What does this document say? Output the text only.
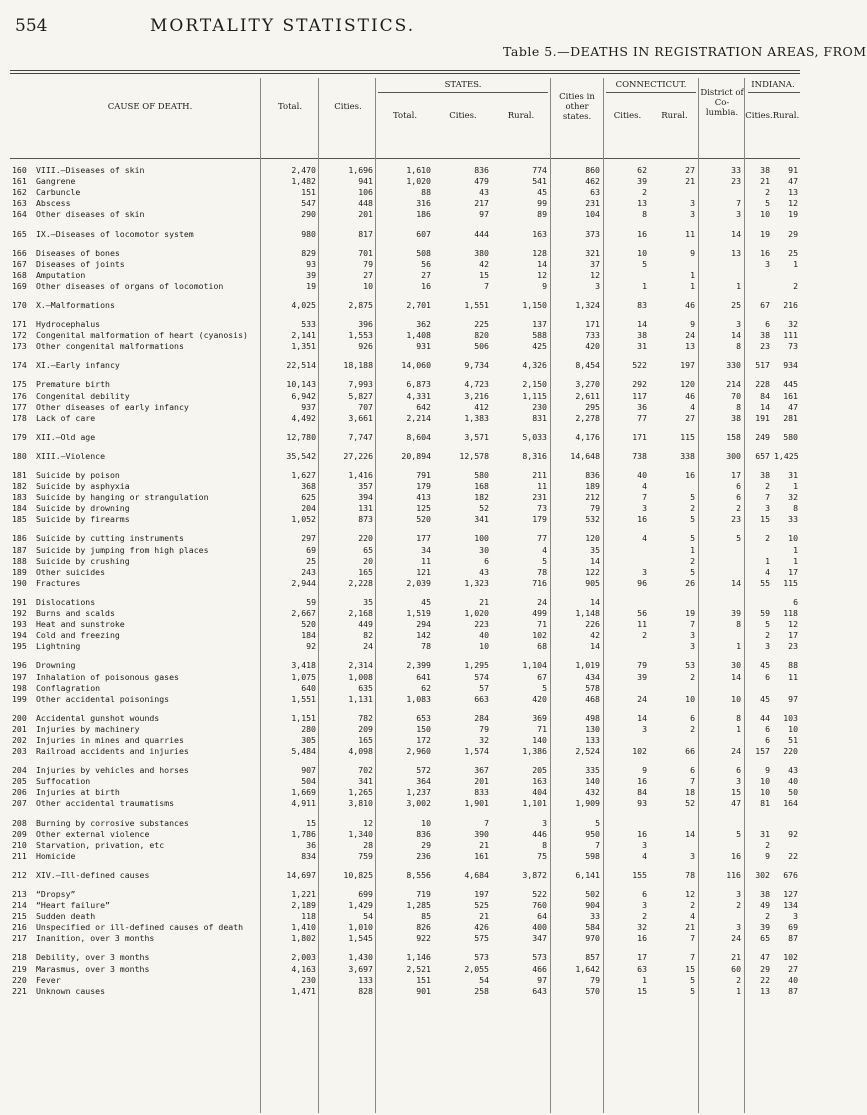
554	MORTALITY STATISTICS.
Table 5.—DEATHS IN REGISTRATION AREAS, FROM
CAUSE OF DEATH.	Total.	Cities.
STATES.
Total.	Cities.	Rural.
Cities in other states.
CONNECTICUT.
Cities.	Rural.
District of Co-lumbia.
INDIANA.
Cities. Rural.
160	VIII.—Diseases of skin	2,470	1,696	1,610	836	774	860	62	27	33	38	91
161	Gangrene	1,482	941	1,020	479	541	462	39	21	23	21	47
162	Carbuncle	151	106	88	43	45	63	2			2	13
163	Abscess	547	448	316	217	99	231	13	3	7	5	12
164	Other diseases of skin	290	201	186	97	89	104	8	3	3	10	19

165	IX.—Diseases of locomotor system	980	817	607	444	163	373	16	11	14	19	29

166	Diseases of bones	829	701	508	380	128	321	10	9	13	16	25
167	Diseases of joints	93	79	56	42	14	37	5			3	1
168	Amputation	39	27	27	15	12	12		1			
169	Other diseases of organs of locomotion	19	10	16	7	9	3	1	1	1		2

170	X.—Malformations	4,025	2,875	2,701	1,551	1,150	1,324	83	46	25	67	216

171	Hydrocephalus	533	396	362	225	137	171	14	9	3	6	32
172	Congenital malformation of heart (cyanosis)	2,141	1,553	1,408	820	588	733	38	24	14	38	111
173	Other congenital malformations	1,351	926	931	506	425	420	31	13	8	23	73

174	XI.—Early infancy	22,514	18,188	14,060	9,734	4,326	8,454	522	197	330	517	934

175	Premature birth	10,143	7,993	6,873	4,723	2,150	3,270	292	120	214	228	445
176	Congenital debility	6,942	5,827	4,331	3,216	1,115	2,611	117	46	70	84	161
177	Other diseases of early infancy	937	707	642	412	230	295	36	4	8	14	47
178	Lack of care	4,492	3,661	2,214	1,383	831	2,278	77	27	38	191	281

179	XII.—Old age	12,780	7,747	8,604	3,571	5,033	4,176	171	115	158	249	580

180	XIII.—Violence	35,542	27,226	20,894	12,578	8,316	14,648	738	338	300	657	1,425

181	Suicide by poison	1,627	1,416	791	580	211	836	40	16	17	38	31
182	Suicide by asphyxia	368	357	179	168	11	189	4		6	2	1
183	Suicide by hanging or strangulation	625	394	413	182	231	212	7	5	6	7	32
184	Suicide by drowning	204	131	125	52	73	79	3	2	2	3	8
185	Suicide by firearms	1,052	873	520	341	179	532	16	5	23	15	33

186	Suicide by cutting instruments	297	220	177	100	77	120	4	5	5	2	10
187	Suicide by jumping from high places	69	65	34	30	4	35		1			1
188	Suicide by crushing	25	20	11	6	5	14		2		1	1
189	Other suicides	243	165	121	43	78	122	3	5		4	17
190	Fractures	2,944	2,228	2,039	1,323	716	905	96	26	14	55	115

191	Dislocations	59	35	45	21	24	14					6
192	Burns and scalds	2,667	2,168	1,519	1,020	499	1,148	56	19	39	59	118
193	Heat and sunstroke	520	449	294	223	71	226	11	7	8	5	12
194	Cold and freezing	184	82	142	40	102	42	2	3		2	17
195	Lightning	92	24	78	10	68	14		3	1	3	23

196	Drowning	3,418	2,314	2,399	1,295	1,104	1,019	79	53	30	45	88
197	Inhalation of poisonous gases	1,075	1,008	641	574	67	434	39	2	14	6	11
198	Conflagration	640	635	62	57	5	578					
199	Other accidental poisonings	1,551	1,131	1,083	663	420	468	24	10	10	45	97

200	Accidental gunshot wounds	1,151	782	653	284	369	498	14	6	8	44	103
201	Injuries by machinery	280	209	150	79	71	130	3	2	1	6	10
202	Injuries in mines and quarries	305	165	172	32	140	133				6	51
203	Railroad accidents and injuries	5,484	4,098	2,960	1,574	1,386	2,524	102	66	24	157	220

204	Injuries by vehicles and horses	907	702	572	367	205	335	9	6	6	9	43
205	Suffocation	504	341	364	201	163	140	16	7	3	10	40
206	Injuries at birth	1,669	1,265	1,237	833	404	432	84	18	15	10	50
207	Other accidental traumatisms	4,911	3,810	3,002	1,901	1,101	1,909	93	52	47	81	164

208	Burning by corrosive substances	15	12	10	7	3	5					
209	Other external violence	1,786	1,340	836	390	446	950	16	14	5	31	92
210	Starvation, privation, etc	36	28	29	21	8	7	3			2	
211	Homicide	834	759	236	161	75	598	4	3	16	9	22

212	XIV.—Ill-defined causes	14,697	10,825	8,556	4,684	3,872	6,141	155	78	116	302	676

213	“Dropsy”	1,221	699	719	197	522	502	6	12	3	38	127
214	“Heart failure”	2,189	1,429	1,285	525	760	904	3	2	2	49	134
215	Sudden death	118	54	85	21	64	33	2	4		2	3
216	Unspecified or ill-defined causes of death	1,410	1,010	826	426	400	584	32	21	3	39	69
217	Inanition, over 3 months	1,802	1,545	922	575	347	970	16	7	24	65	87

218	Debility, over 3 months	2,003	1,430	1,146	573	573	857	17	7	21	47	102
219	Marasmus, over 3 months	4,163	3,697	2,521	2,055	466	1,642	63	15	60	29	27
220	Fever	230	133	151	54	97	79	1	5	2	22	40
221	Unknown causes	1,471	828	901	258	643	570	15	5	1	13	87
